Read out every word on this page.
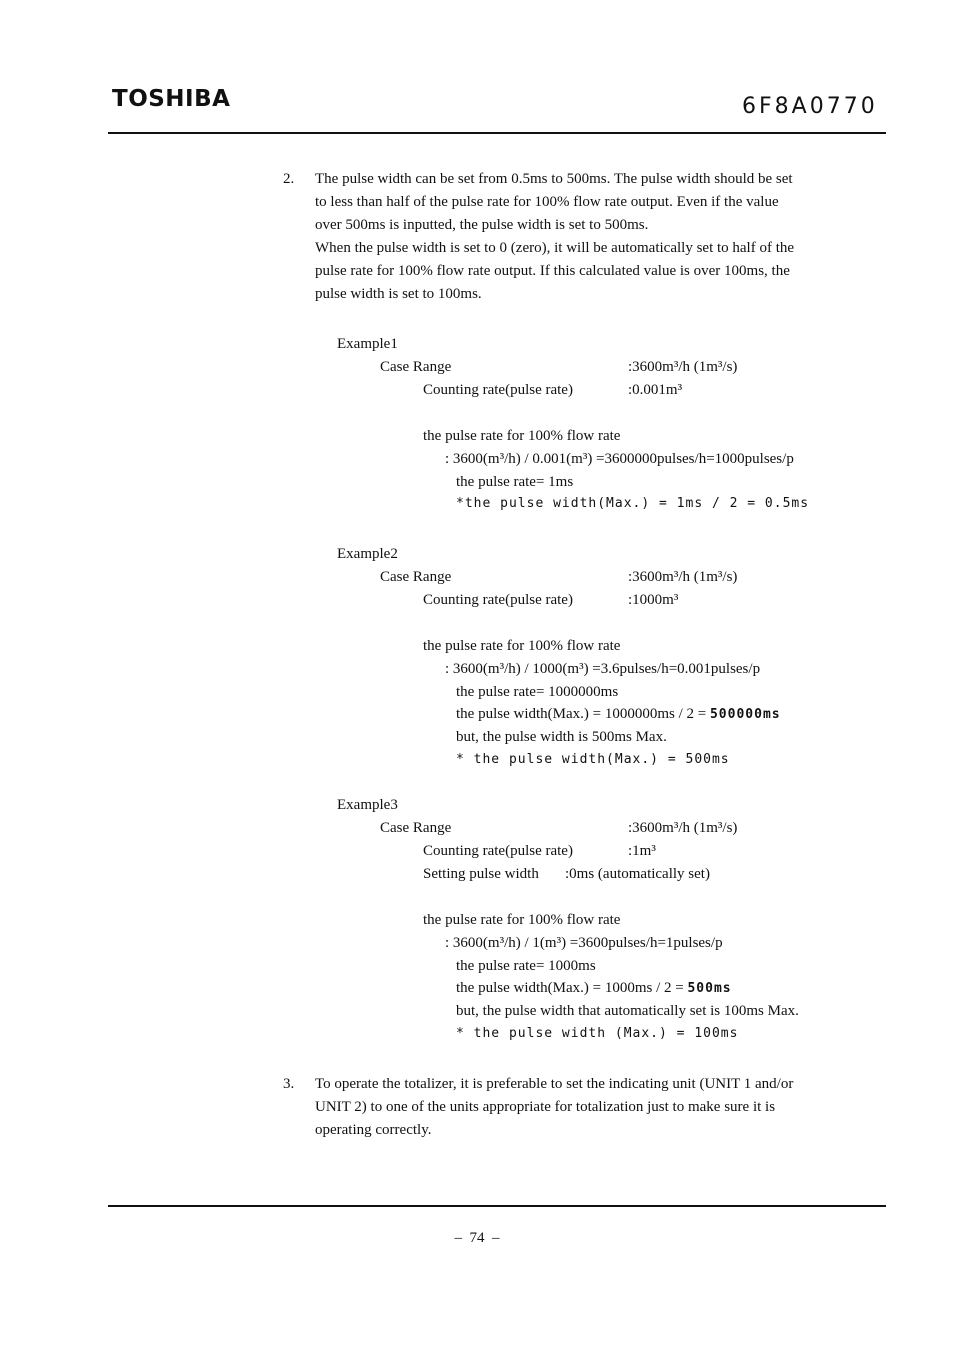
TOSHIBA	6F8A0770
2. The pulse width can be set from 0.5ms to 500ms. The pulse width should be set
to less than half of the pulse rate for 100% flow rate output. Even if the value
over 500ms is inputted, the pulse width is set to 500ms.
When the pulse width is set to 0 (zero), it will be automatically set to half of the
pulse rate for 100% flow rate output. If this calculated value is over 100ms, the
pulse width is set to 100ms.
Example1
Case Range	:3600m³/h (1m³/s)
Counting rate(pulse rate)	:0.001m³
the pulse rate for 100% flow rate
: 3600(m³/h) / 0.001(m³) =3600000pulses/h=1000pulses/p
the pulse rate= 1ms
*the pulse width(Max.) = 1ms / 2 = 0.5ms
Example2
Case Range	:3600m³/h (1m³/s)
Counting rate(pulse rate)	:1000m³
the pulse rate for 100% flow rate
: 3600(m³/h) / 1000(m³) =3.6pulses/h=0.001pulses/p
the pulse rate= 1000000ms
the pulse width(Max.) = 1000000ms / 2 = 500000ms
but, the pulse width is 500ms Max.
* the pulse width(Max.) = 500ms
Example3
Case Range	:3600m³/h (1m³/s)
Counting rate(pulse rate)	:1m³
Setting pulse width :0ms (automatically set)
the pulse rate for 100% flow rate
: 3600(m³/h) / 1(m³) =3600pulses/h=1pulses/p
the pulse rate= 1000ms
the pulse width(Max.) = 1000ms / 2 = 500ms
but, the pulse width that automatically set is 100ms Max.
* the pulse width (Max.) = 100ms
3. To operate the totalizer, it is preferable to set the indicating unit (UNIT 1 and/or
UNIT 2) to one of the units appropriate for totalization just to make sure it is
operating correctly.
–  74  –
